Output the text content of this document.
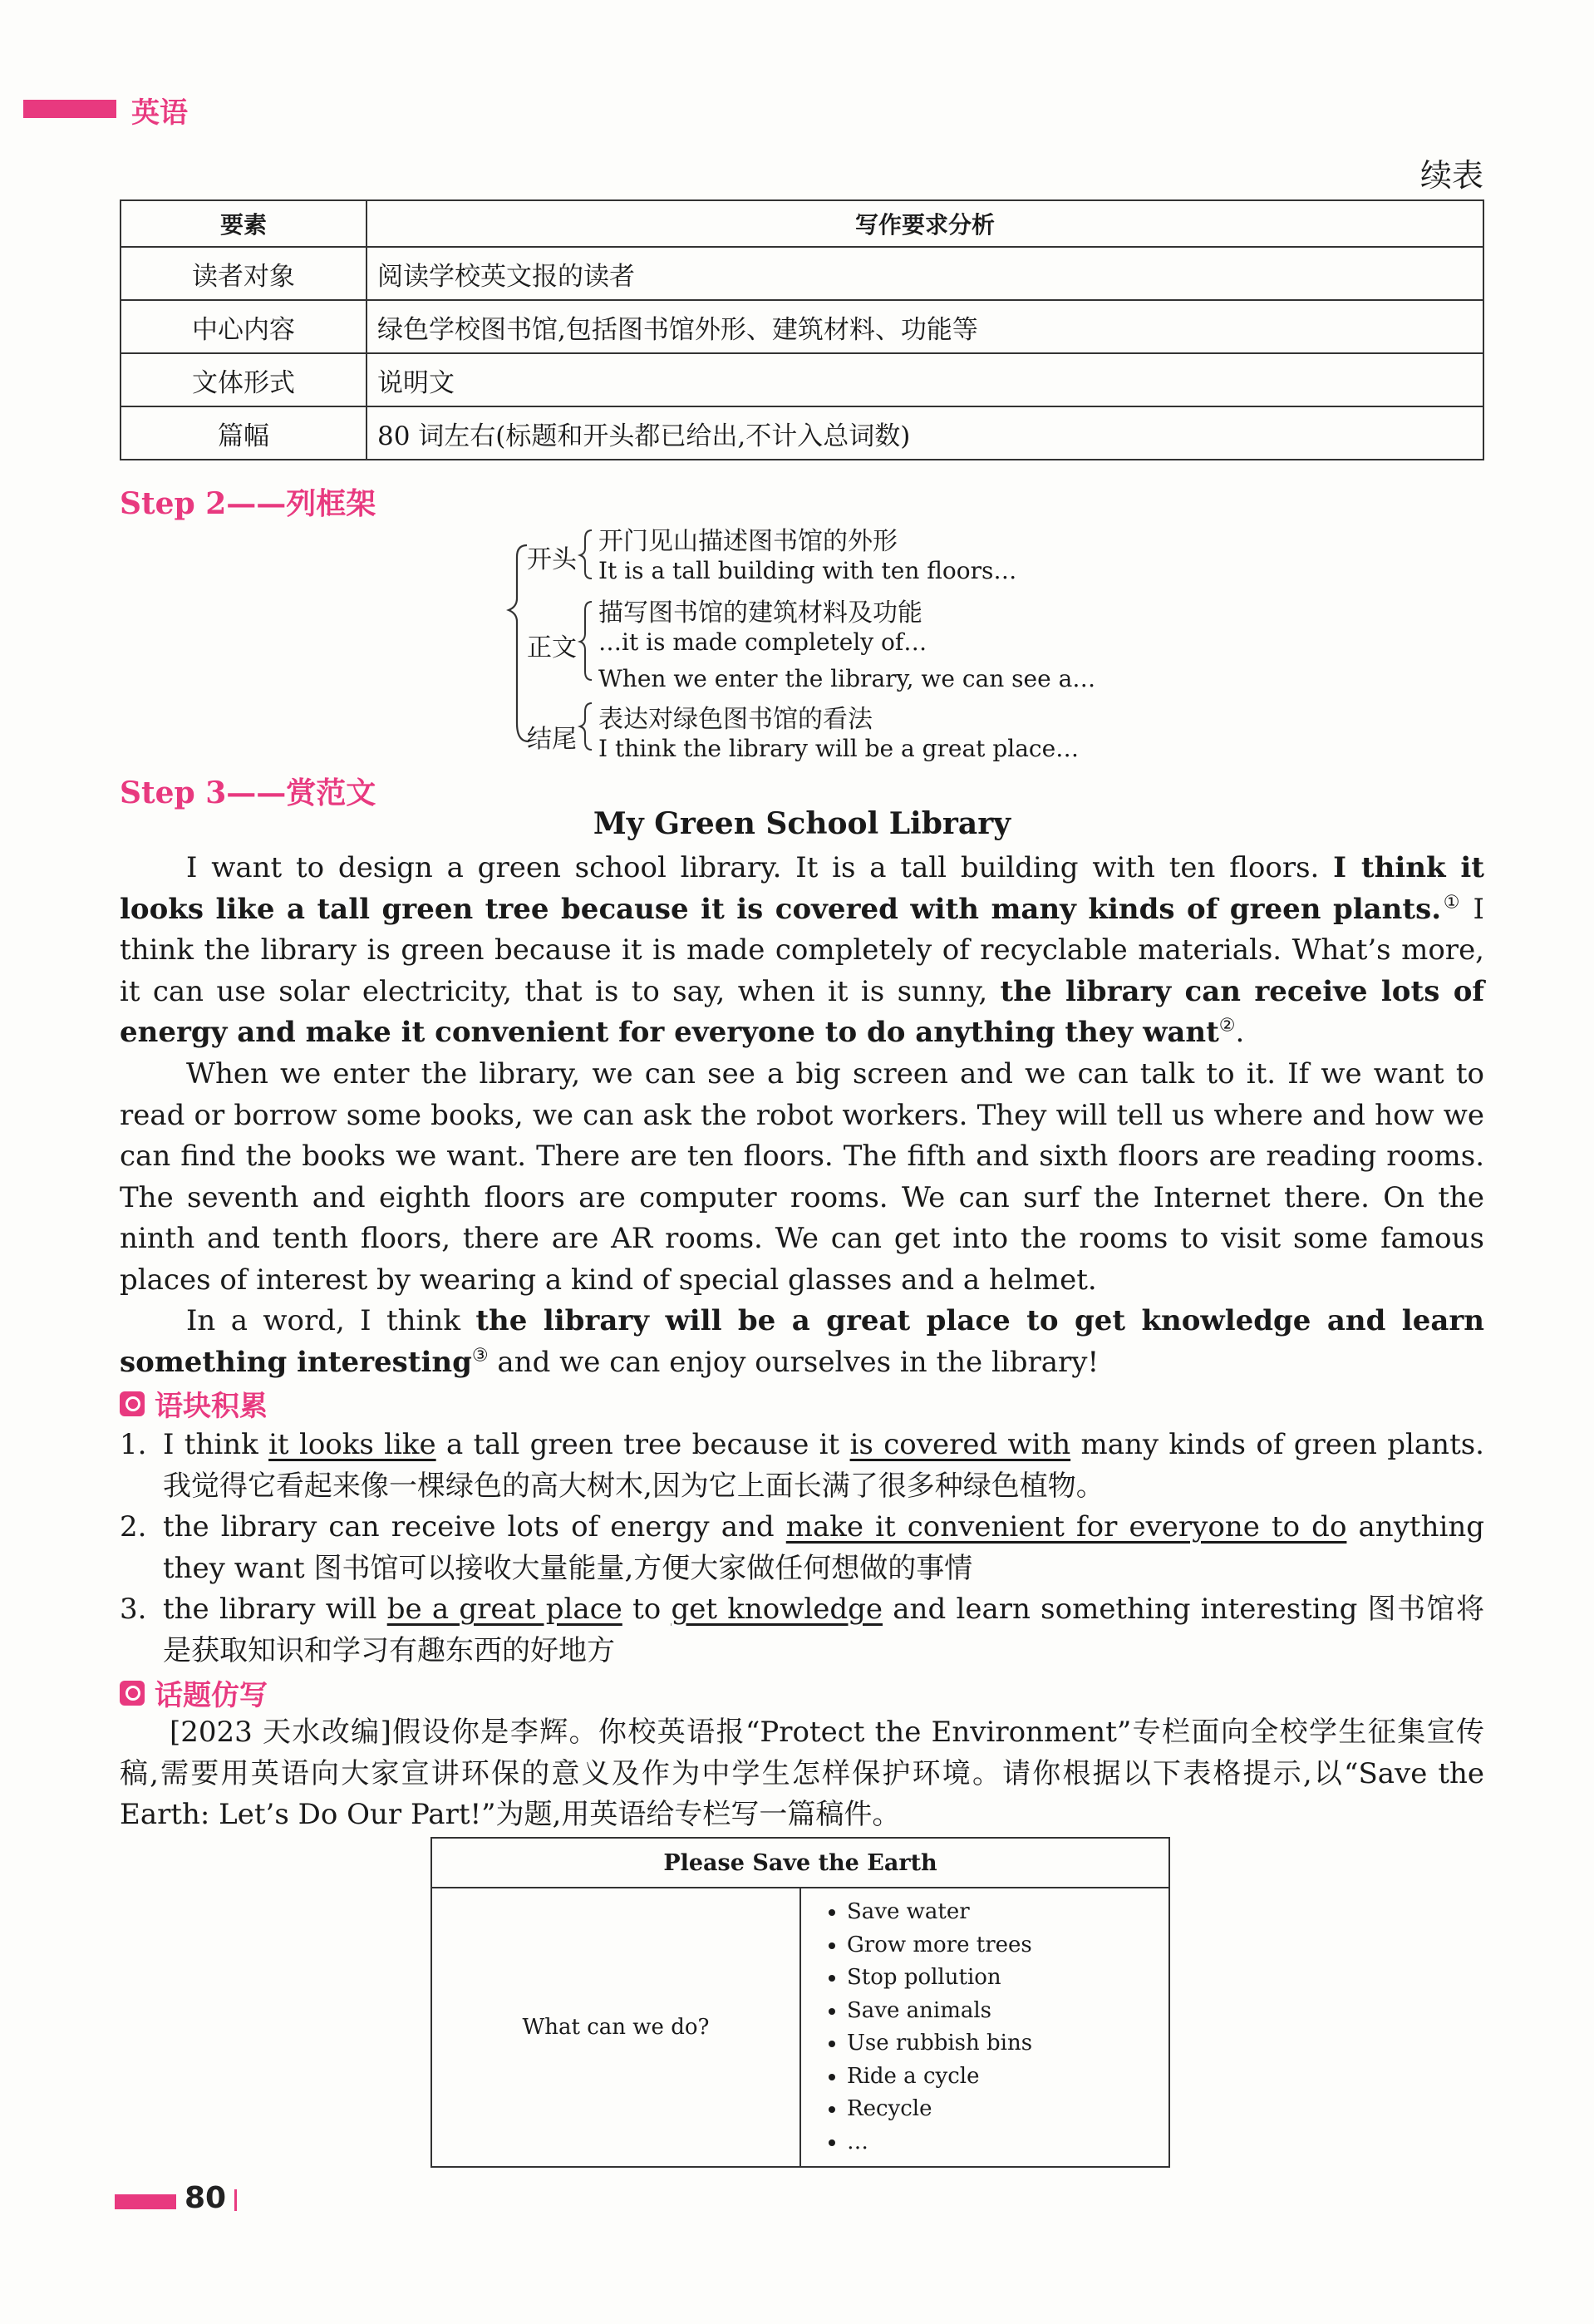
英语
续表
要素	写作要求分析
读者对象	阅读学校英文报的读者
中心内容	绿色学校图书馆,包括图书馆外形、建筑材料、功能等
文体形式	说明文
篇幅	80 词左右(标题和开头都已给出,不计入总词数)
Step 2——列框架
开头
开门见山描述图书馆的外形
It is a tall building with ten floors…
正文
描写图书馆的建筑材料及功能
…it is made completely of…
When we enter the library, we can see a…
结尾
表达对绿色图书馆的看法
I think the library will be a great place…
Step 3——赏范文
My Green School Library
I want to design a green school library. It is a tall building with ten floors. I think it looks like a tall green tree because it is covered with many kinds of green plants.① I think the library is green because it is made completely of recyclable materials. What’s more, it can use solar electricity, that is to say, when it is sunny, the library can receive lots of energy and make it convenient for everyone to do anything they want②.
When we enter the library, we can see a big screen and we can talk to it. If we want to read or borrow some books, we can ask the robot workers. They will tell us where and how we can find the books we want. There are ten floors. The fifth and sixth floors are reading rooms. The seventh and eighth floors are computer rooms. We can surf the Internet there. On the ninth and tenth floors, there are AR rooms. We can get into the rooms to visit some famous places of interest by wearing a kind of special glasses and a helmet.
In a word, I think the library will be a great place to get knowledge and learn something interesting③ and we can enjoy ourselves in the library!
语块积累
1. I think it looks like a tall green tree because it is covered with many kinds of green plants. 我觉得它看起来像一棵绿色的高大树木,因为它上面长满了很多种绿色植物。
2. the library can receive lots of energy and make it convenient for everyone to do anything they want 图书馆可以接收大量能量,方便大家做任何想做的事情
3. the library will be a great place to get knowledge and learn something interesting 图书馆将是获取知识和学习有趣东西的好地方
话题仿写
[2023 天水改编]假设你是李辉。你校英语报“Protect the Environment”专栏面向全校学生征集宣传稿,需要用英语向大家宣讲环保的意义及作为中学生怎样保护环境。请你根据以下表格提示,以“Save the Earth: Let’s Do Our Part!”为题,用英语给专栏写一篇稿件。
Please Save the Earth
What can we do?	
• Save water
• Grow more trees
• Stop pollution
• Save animals
• Use rubbish bins
• Ride a cycle
• Recycle
• …
80
